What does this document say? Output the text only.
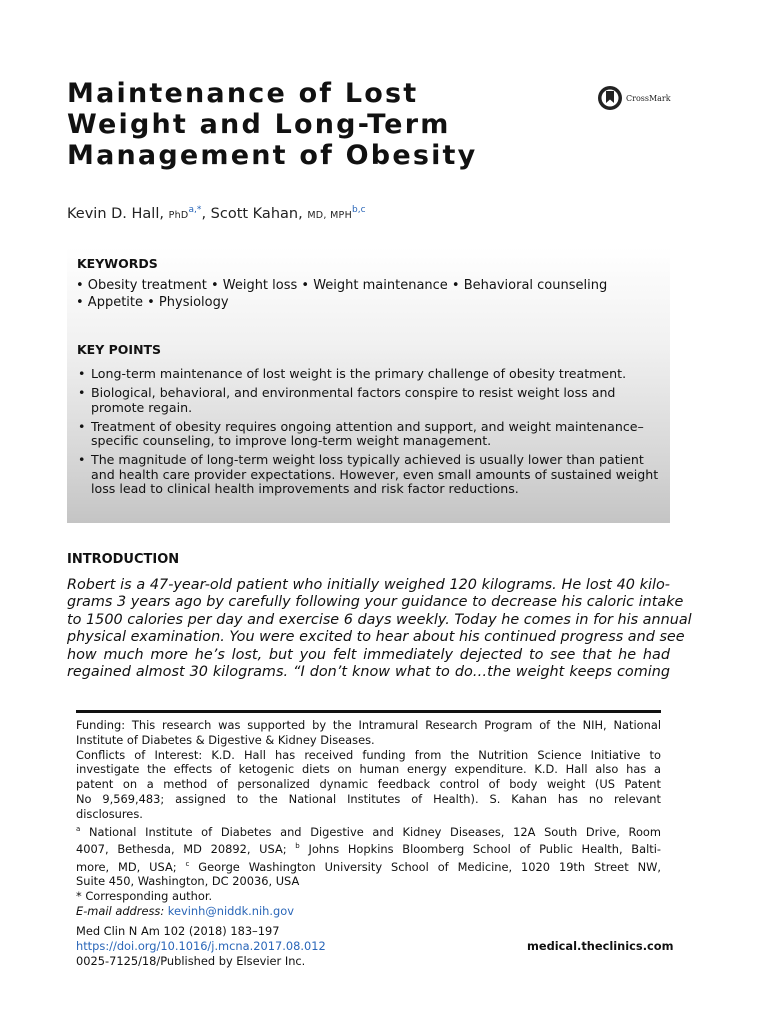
Maintenance of Lost
Weight and Long-Term
Management of Obesity
CrossMark
Kevin D. Hall, PhD$^{a,*}$, Scott Kahan, MD, MPH$^{b,c}$
KEYWORDS
• Obesity treatment • Weight loss • Weight maintenance • Behavioral counseling
• Appetite • Physiology
KEY POINTS
• Long-term maintenance of lost weight is the primary challenge of obesity treatment.
• Biological, behavioral, and environmental factors conspire to resist weight loss and promote regain.
• Treatment of obesity requires ongoing attention and support, and weight maintenance–specific counseling, to improve long-term weight management.
• The magnitude of long-term weight loss typically achieved is usually lower than patient and health care provider expectations. However, even small amounts of sustained weight loss lead to clinical health improvements and risk factor reductions.
INTRODUCTION
Robert is a 47-year-old patient who initially weighed 120 kilograms. He lost 40 kilo-
grams 3 years ago by carefully following your guidance to decrease his caloric intake
to 1500 calories per day and exercise 6 days weekly. Today he comes in for his annual
physical examination. You were excited to hear about his continued progress and see
how much more he’s lost, but you felt immediately dejected to see that he had
regained almost 30 kilograms. “I don’t know what to do…the weight keeps coming
Funding: This research was supported by the Intramural Research Program of the NIH, National
Institute of Diabetes & Digestive & Kidney Diseases.
Conflicts of Interest: K.D. Hall has received funding from the Nutrition Science Initiative to
investigate the effects of ketogenic diets on human energy expenditure. K.D. Hall also has a
patent on a method of personalized dynamic feedback control of body weight (US Patent
No 9,569,483; assigned to the National Institutes of Health). S. Kahan has no relevant
disclosures.
$^a$ National Institute of Diabetes and Digestive and Kidney Diseases, 12A South Drive, Room
4007, Bethesda, MD 20892, USA; $^b$ Johns Hopkins Bloomberg School of Public Health, Balti-
more, MD, USA; $^c$ George Washington University School of Medicine, 1020 19th Street NW,
Suite 450, Washington, DC 20036, USA
* Corresponding author.
E-mail address: kevinh@niddk.nih.gov
Med Clin N Am 102 (2018) 183–197
https://doi.org/10.1016/j.mcna.2017.08.012
0025-7125/18/Published by Elsevier Inc.
medical.theclinics.com
